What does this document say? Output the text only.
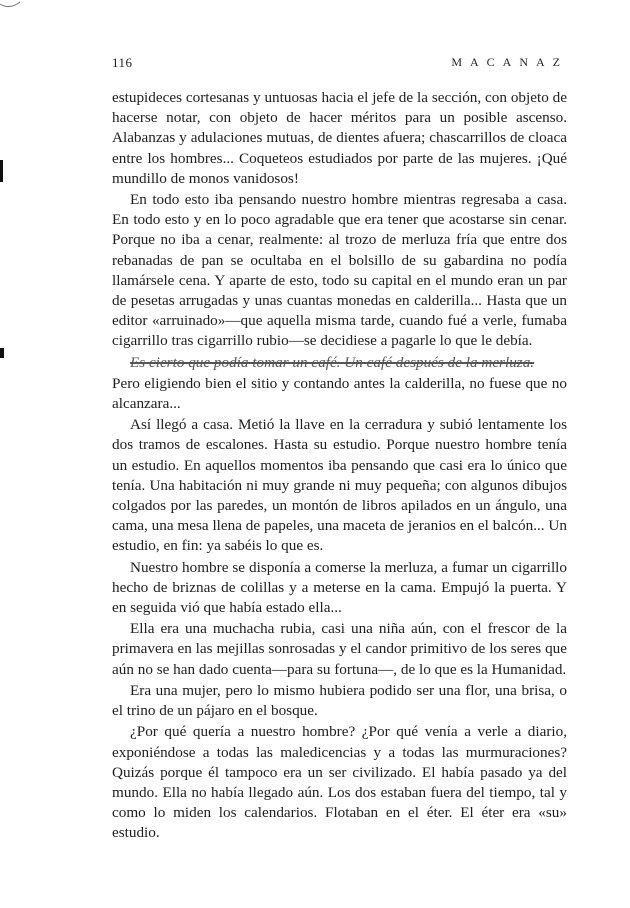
116	MACANAZ

estupideces cortesanas y untuosas hacia el jefe de la sección, con objeto de hacerse notar, con objeto de hacer méritos para un posible ascenso. Alabanzas y adulaciones mutuas, de dientes afuera; chascarrillos de cloaca entre los hombres... Coqueteos estudiados por parte de las mujeres. ¡Qué mundillo de monos vanidosos!

En todo esto iba pensando nuestro hombre mientras regresaba a casa. En todo esto y en lo poco agradable que era tener que acostarse sin cenar. Porque no iba a cenar, realmente: al trozo de merluza fría que entre dos rebanadas de pan se ocultaba en el bolsillo de su gabardina no podía llamársele cena. Y aparte de esto, todo su capital en el mundo eran un par de pesetas arrugadas y unas cuantas monedas en calderilla... Hasta que un editor «arruinado»—que aquella misma tarde, cuando fué a verle, fumaba cigarrillo tras cigarrillo rubio—se decidiese a pagarle lo que le debía.

Es cierto que podía tomar un café. Un café después de la merluza.

Pero eligiendo bien el sitio y contando antes la calderilla, no fuese que no alcanzara...

Así llegó a casa. Metió la llave en la cerradura y subió lentamente los dos tramos de escalones. Hasta su estudio. Porque nuestro hombre tenía un estudio. En aquellos momentos iba pensando que casi era lo único que tenía. Una habitación ni muy grande ni muy pequeña; con algunos dibujos colgados por las paredes, un montón de libros apilados en un ángulo, una cama, una mesa llena de papeles, una maceta de jeranios en el balcón... Un estudio, en fin: ya sabéis lo que es.

Nuestro hombre se disponía a comerse la merluza, a fumar un cigarrillo hecho de briznas de colillas y a meterse en la cama. Empujó la puerta. Y en seguida vió que había estado ella...

Ella era una muchacha rubia, casi una niña aún, con el frescor de la primavera en las mejillas sonrosadas y el candor primitivo de los seres que aún no se han dado cuenta—para su fortuna—, de lo que es la Humanidad.

Era una mujer, pero lo mismo hubiera podido ser una flor, una brisa, o el trino de un pájaro en el bosque.

¿Por qué quería a nuestro hombre? ¿Por qué venía a verle a diario, exponiéndose a todas las maledicencias y a todas las murmuraciones? Quizás porque él tampoco era un ser civilizado. El había pasado ya del mundo. Ella no había llegado aún. Los dos estaban fuera del tiempo, tal y como lo miden los calendarios. Flotaban en el éter. El éter era «su» estudio.
